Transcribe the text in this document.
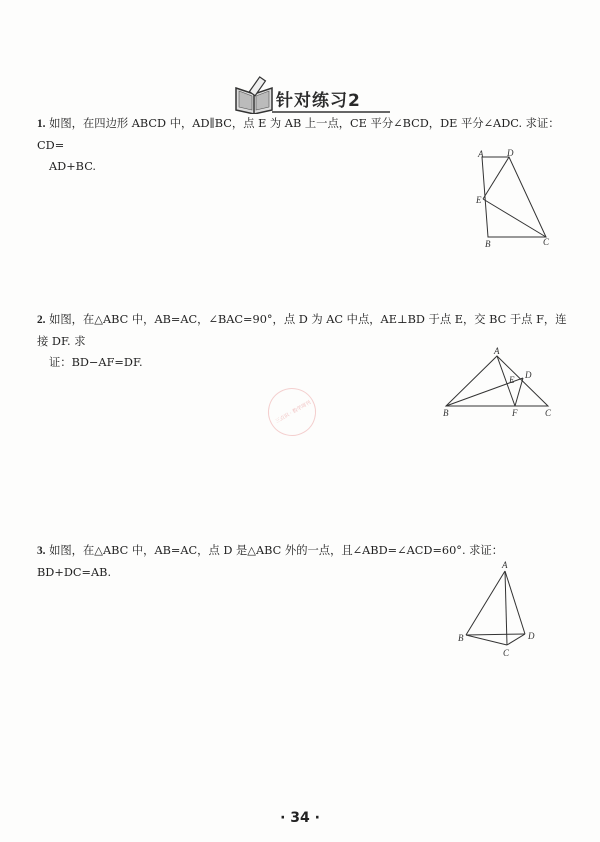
针对练习2
1. 如图，在四边形 ABCD 中，AD∥BC，点 E 为 AB 上一点，CE 平分∠BCD，DE 平分∠ADC. 求证：CD=
AD+BC.
A	D
E
B	C
2. 如图，在△ABC 中，AB=AC，∠BAC=90°，点 D 为 AC 中点，AE⊥BD 于点 E，交 BC 于点 F，连接 DF. 求
证：BD−AF=DF.
A
D
E
B	F	C
三点识 · 数学周刊
3. 如图，在△ABC 中，AB=AC，点 D 是△ABC 外的一点，且∠ABD=∠ACD=60°. 求证：BD+DC=AB.
A
B
C
D
· 34 ·
